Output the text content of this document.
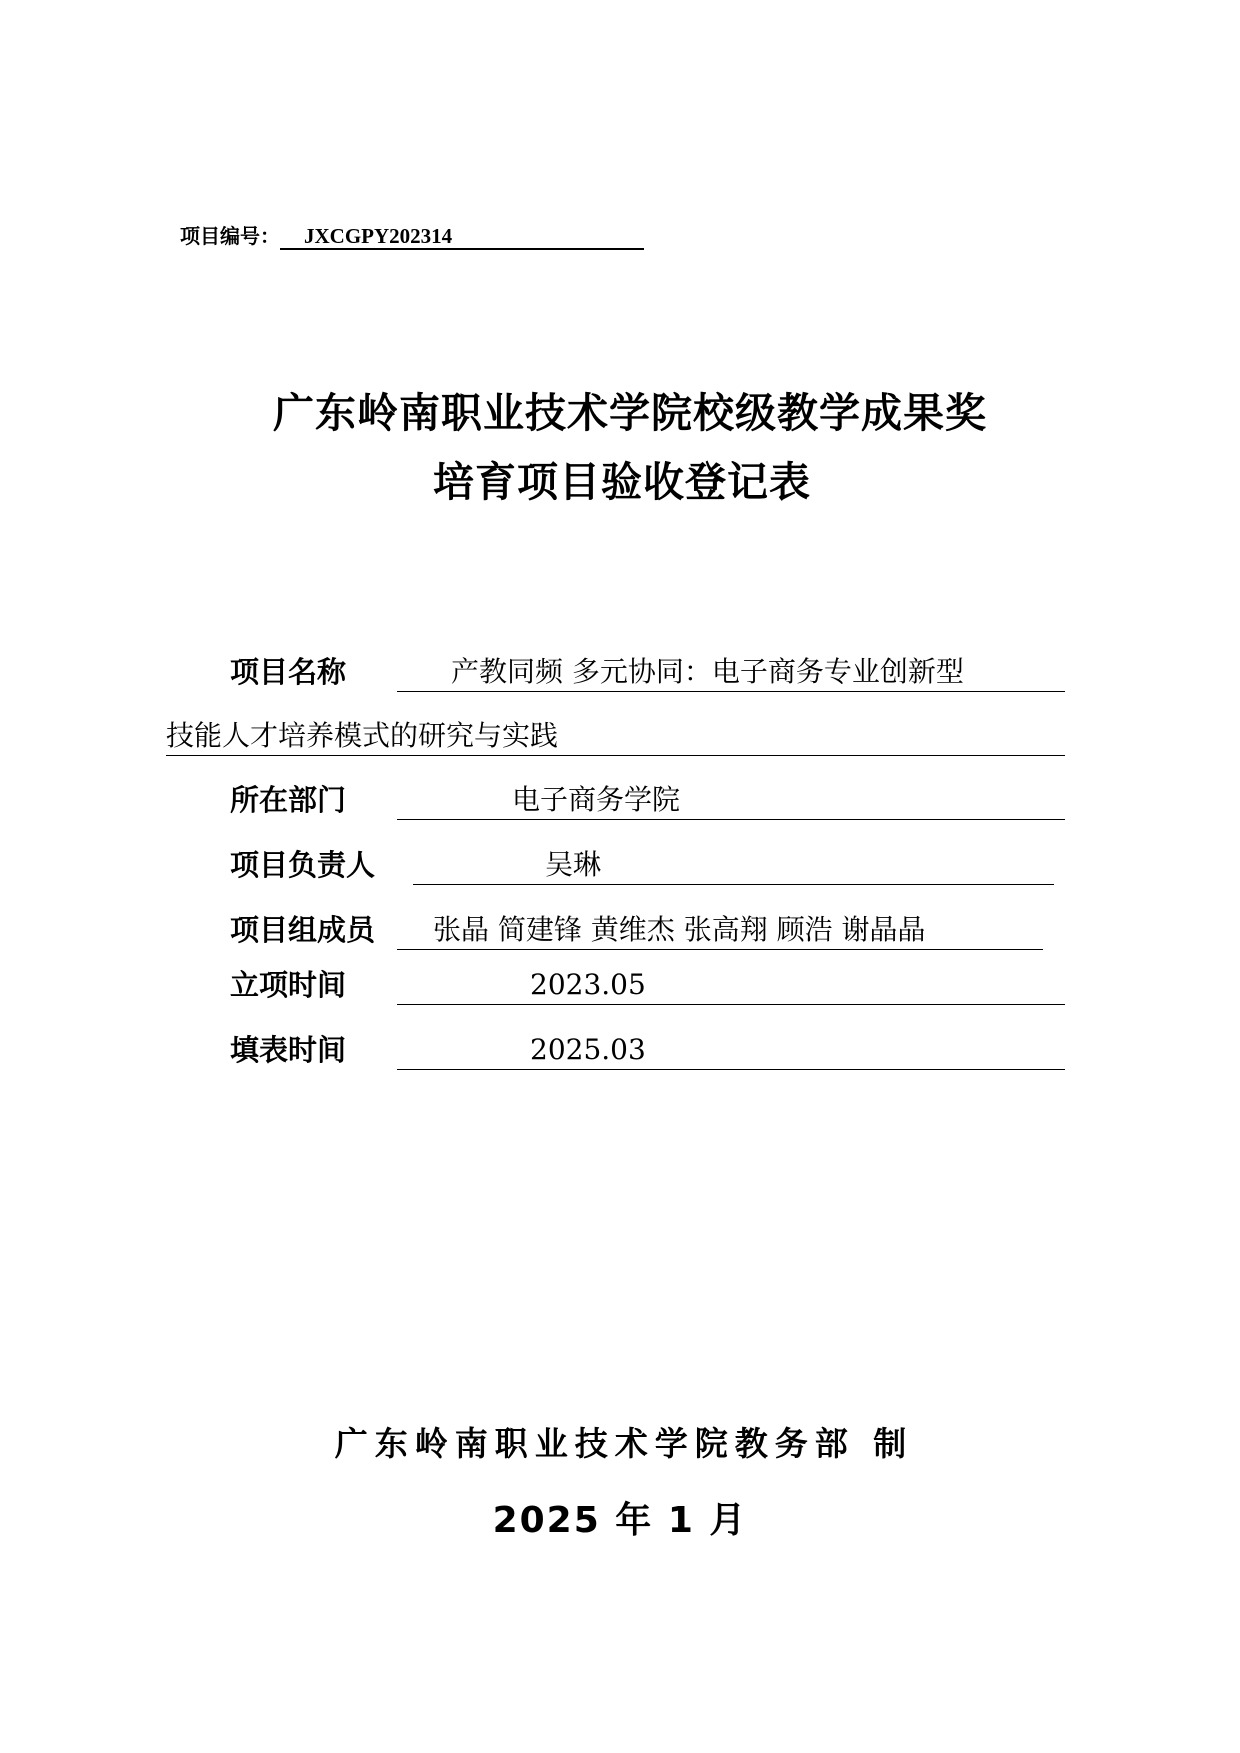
项目编号： JXCGPY202314
广东岭南职业技术学院校级教学成果奖
培育项目验收登记表
项目名称	产教同频 多元协同：电子商务专业创新型
技能人才培养模式的研究与实践
所在部门	电子商务学院
项目负责人	吴琳
项目组成员	张晶 简建锋 黄维杰 张高翔 顾浩 谢晶晶
立项时间	2023.05
填表时间	2025.03
广东岭南职业技术学院教务部 制
2025 年 1 月
